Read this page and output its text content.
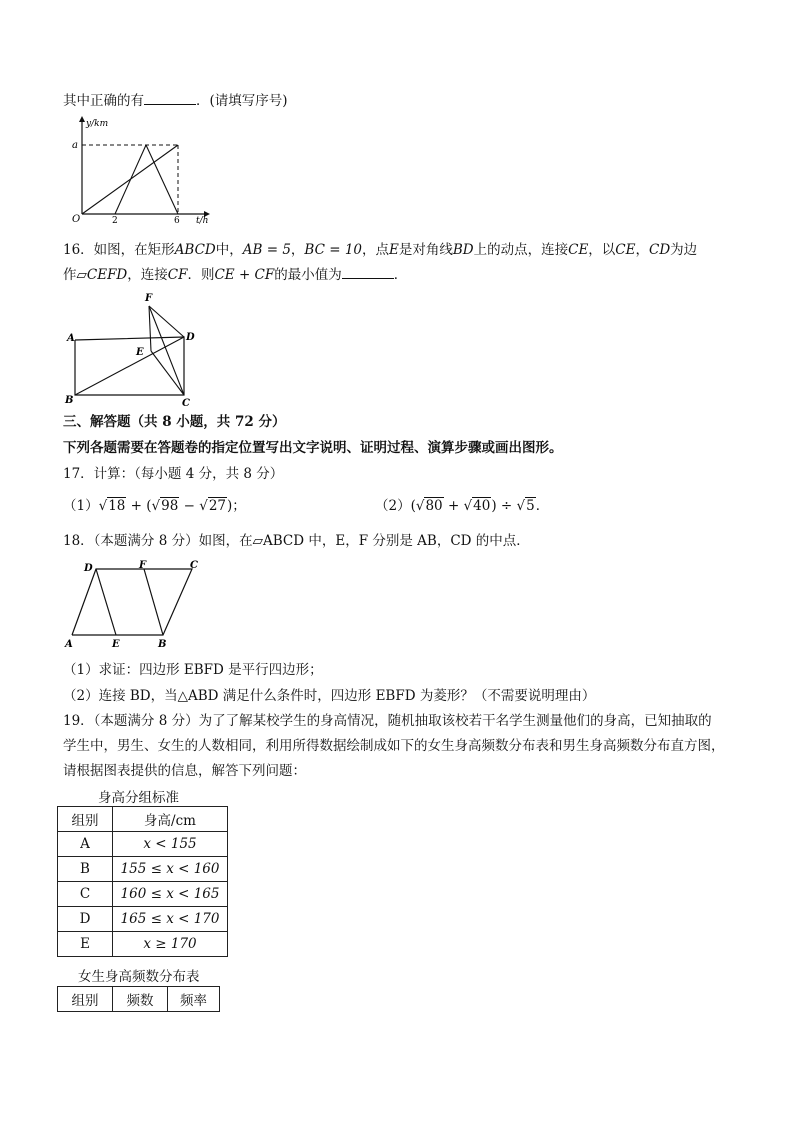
其中正确的有	．(请填写序号)
y/km
a
O	2	6 t/h
16．如图，在矩形ABCD中，AB = 5，BC = 10，点E是对角线BD上的动点，连接CE，以CE，CD为边
作▱CEFD，连接CF．则CE + CF的最小值为	．
A
B	C
D
E
F
三、解答题（共 8 小题，共 72 分）
下列各题需要在答题卷的指定位置写出文字说明、证明过程、演算步骤或画出图形。
17．计算：（每小题 4 分，共 8 分）
（1）√18 + (√98 − √27)；	（2）(√80 + √40) ÷ √5．
18．（本题满分 8 分）如图，在▱ABCD 中，E，F 分别是 AB，CD 的中点．
D	F	C
A	E	B
（1）求证：四边形 EBFD 是平行四边形；
（2）连接 BD，当△ABD 满足什么条件时，四边形 EBFD 为菱形？（不需要说明理由）
19．（本题满分 8 分）为了了解某校学生的身高情况，随机抽取该校若干名学生测量他们的身高，已知抽取的
学生中，男生、女生的人数相同，利用所得数据绘制成如下的女生身高频数分布表和男生身高频数分布直方图，
请根据图表提供的信息，解答下列问题：
身高分组标准
组别	身高/cm
A	x < 155
B	155 ≤ x < 160
C	160 ≤ x < 165
D	165 ≤ x < 170
E	x ≥ 170
女生身高频数分布表
组别	频数	频率
